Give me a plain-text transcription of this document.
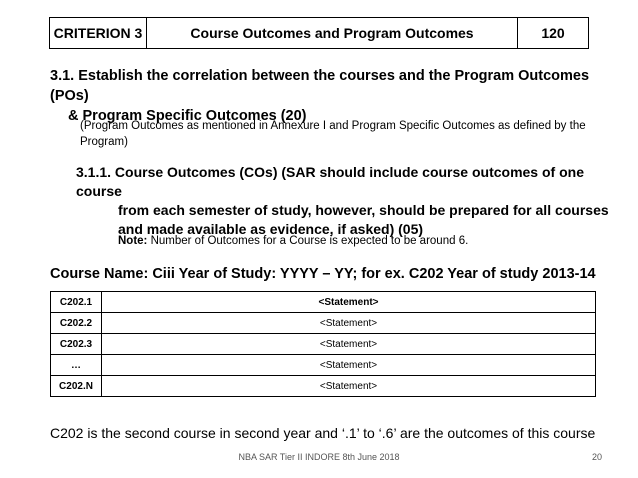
CRITERION 3	Course Outcomes and Program Outcomes	120
3.1. Establish the correlation between the courses and the Program Outcomes (POs)
& Program Specific Outcomes (20)
(Program Outcomes as mentioned in Annexure I and Program Specific Outcomes as defined by the Program)
3.1.1. Course Outcomes (COs) (SAR should include course outcomes of one course
from each semester of study, however, should be prepared for all courses
and made available as evidence, if asked) (05)
Note: Number of Outcomes for a Course is expected to be around 6.
Course Name: Ciii Year of Study: YYYY – YY; for ex. C202 Year of study 2013-14
C202.1	<Statement>
C202.2	<Statement>
C202.3	<Statement>
…	<Statement>
C202.N	<Statement>
C202 is the second course in second year and ‘.1’ to ‘.6’ are the outcomes of this course
NBA SAR Tier II INDORE 8th June 2018	20
